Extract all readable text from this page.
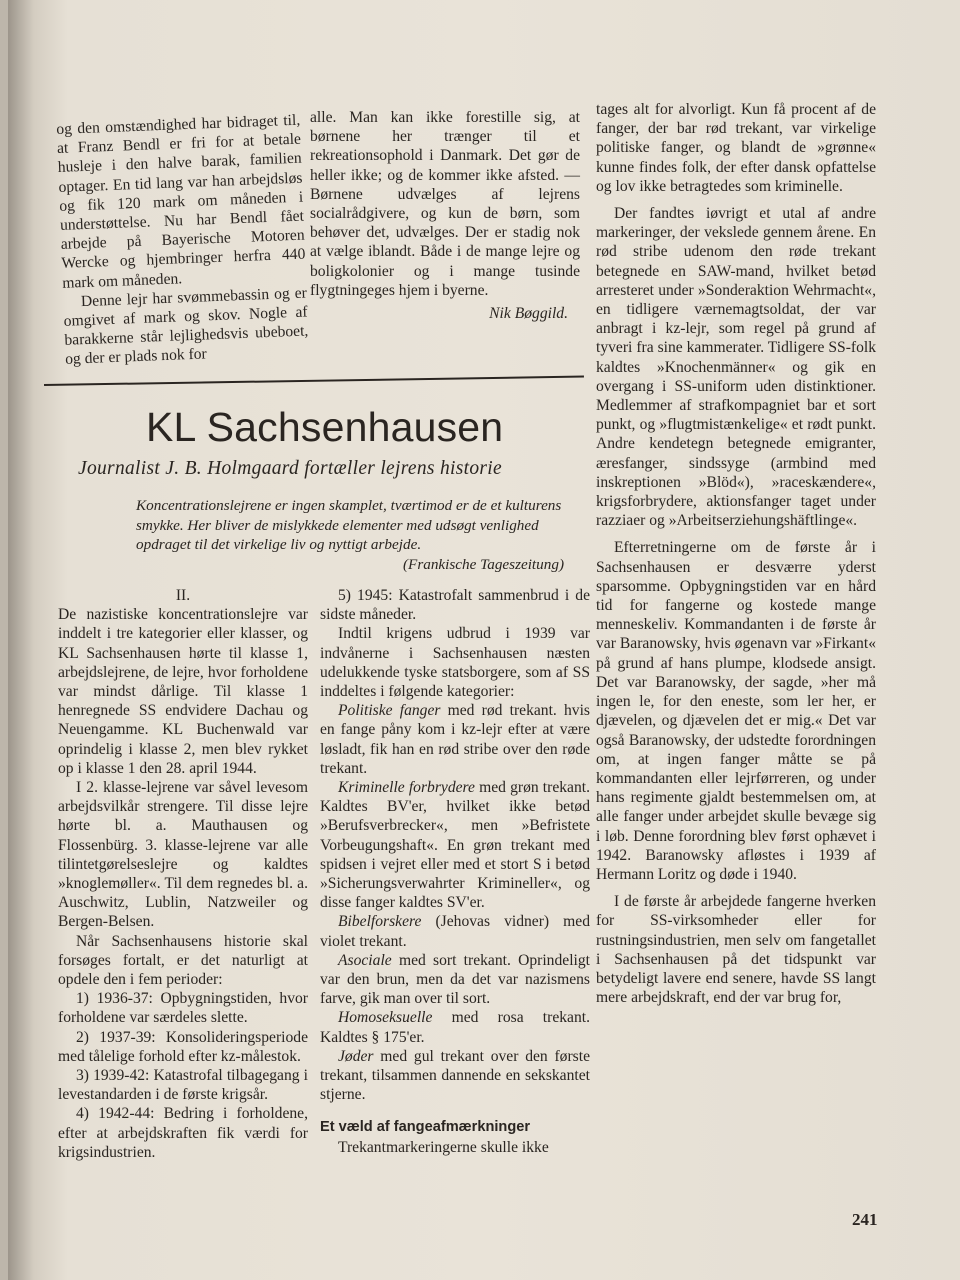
og den omstændighed har bidraget til, at Franz Bendl er fri for at betale husleje i den halve barak, familien optager. En tid lang var han arbejdsløs og fik 120 mark om måneden i understøttelse. Nu har Bendl fået arbejde på Bayerische Motoren Wercke og hjembringer herfra 440 mark om måneden.

Denne lejr har svømmebassin og er omgivet af mark og skov. Nogle af barakkerne står lejlighedsvis ubeboet, og der er plads nok for

alle. Man kan ikke forestille sig, at børnene her trænger til et rekreationsophold i Danmark. Det gør de heller ikke; og de kommer ikke afsted. — Børnene udvælges af lejrens socialrådgivere, og kun de børn, som behøver det, udvælges. Der er stadig nok at vælge iblandt. Både i de mange lejre og boligkolonier og i mange tusinde flygtningeges hjem i byerne.

Nik Bøggild.

KL Sachsenhausen
Journalist J. B. Holmgaard fortæller lejrens historie
Koncentrationslejrene er ingen skamplet, tværtimod er de et kulturens smykke. Her bliver de mislykkede elementer med udsøgt venlighed opdraget til det virkelige liv og nyttigt arbejde.
(Frankische Tageszeitung)

II.

De nazistiske koncentrationslejre var inddelt i tre kategorier eller klasser, og KL Sachsenhausen hørte til klasse 1, arbejdslejrene, de lejre, hvor forholdene var mindst dårlige. Til klasse 1 henregnede SS endvidere Dachau og Neuengamme. KL Buchenwald var oprindelig i klasse 2, men blev rykket op i klasse 1 den 28. april 1944.

I 2. klasse-lejrene var såvel levesom arbejdsvilkår strengere. Til disse lejre hørte bl. a. Mauthausen og Flossenbürg. 3. klasse-lejrene var alle tilintetgørelseslejre og kaldtes »knoglemøller«. Til dem regnedes bl. a. Auschwitz, Lublin, Natzweiler og Bergen-Belsen.

Når Sachsenhausens historie skal forsøges fortalt, er det naturligt at opdele den i fem perioder:

1) 1936-37: Opbygningstiden, hvor forholdene var særdeles slette.

2) 1937-39: Konsolideringsperiode med tålelige forhold efter kz-målestok.

3) 1939-42: Katastrofal tilbagegang i levestandarden i de første krigsår.

4) 1942-44: Bedring i forholdene, efter at arbejdskraften fik værdi for krigsindustrien.

5) 1945: Katastrofalt sammenbrud i de sidste måneder.

Indtil krigens udbrud i 1939 var indvånerne i Sachsenhausen næsten udelukkende tyske statsborgere, som af SS inddeltes i følgende kategorier:

Politiske fanger med rød trekant. hvis en fange påny kom i kz-lejr efter at være løsladt, fik han en rød stribe over den røde trekant.

Kriminelle forbrydere med grøn trekant. Kaldtes BV'er, hvilket ikke betød »Berufsverbrecker«, men »Befristete Vorbeugungshaft«. En grøn trekant med spidsen i vejret eller med et stort S i betød »Sicherungsverwahrter Krimineller«, og disse fanger kaldtes SV'er.

Bibelforskere (Jehovas vidner) med violet trekant.

Asociale med sort trekant. Oprindeligt var den brun, men da det var nazismens farve, gik man over til sort.

Homoseksuelle med rosa trekant. Kaldtes § 175'er.

Jøder med gul trekant over den første trekant, tilsammen dannende en sekskantet stjerne.

Et væld af fangeafmærkninger

Trekantmarkeringerne skulle ikke

tages alt for alvorligt. Kun få procent af de fanger, der bar rød trekant, var virkelige politiske fanger, og blandt de »grønne« kunne findes folk, der efter dansk opfattelse og lov ikke betragtedes som kriminelle.

Der fandtes iøvrigt et utal af andre markeringer, der vekslede gennem årene. En rød stribe udenom den røde trekant betegnede en SAW-mand, hvilket betød arresteret under »Sonderaktion Wehrmacht«, en tidligere værnemagtsoldat, der var anbragt i kz-lejr, som regel på grund af tyveri fra sine kammerater. Tidligere SS-folk kaldtes »Knochenmänner« og gik en overgang i SS-uniform uden distinktioner. Medlemmer af strafkompagniet bar et sort punkt, og »flugtmistænkelige« et rødt punkt. Andre kendetegn betegnede emigranter, æresfanger, sindssyge (armbind med inskreptionen »Blöd«), »raceskændere«, krigsforbrydere, aktionsfanger taget under razziaer og »Arbeitserziehungshäftlinge«.

Efterretningerne om de første år i Sachsenhausen er desværre yderst sparsomme. Opbygningstiden var en hård tid for fangerne og kostede mange menneskeliv. Kommandanten i de første år var Baranowsky, hvis øgenavn var »Firkant« på grund af hans plumpe, klodsede ansigt. Det var Baranowsky, der sagde, »her må ingen le, for den eneste, som ler her, er djævelen, og djævelen det er mig.« Det var også Baranowsky, der udstedte forordningen om, at ingen fanger måtte se på kommandanten eller lejrførreren, og under hans regimente gjaldt bestemmelsen om, at alle fanger under arbejdet skulle bevæge sig i løb. Denne forordning blev først ophævet i 1942. Baranowsky afløstes i 1939 af Hermann Loritz og døde i 1940.

I de første år arbejdede fangerne hverken for SS-virksomheder eller for rustningsindustrien, men selv om fangetallet i Sachsenhausen på det tidspunkt var betydeligt lavere end senere, havde SS langt mere arbejdskraft, end der var brug for,

241
